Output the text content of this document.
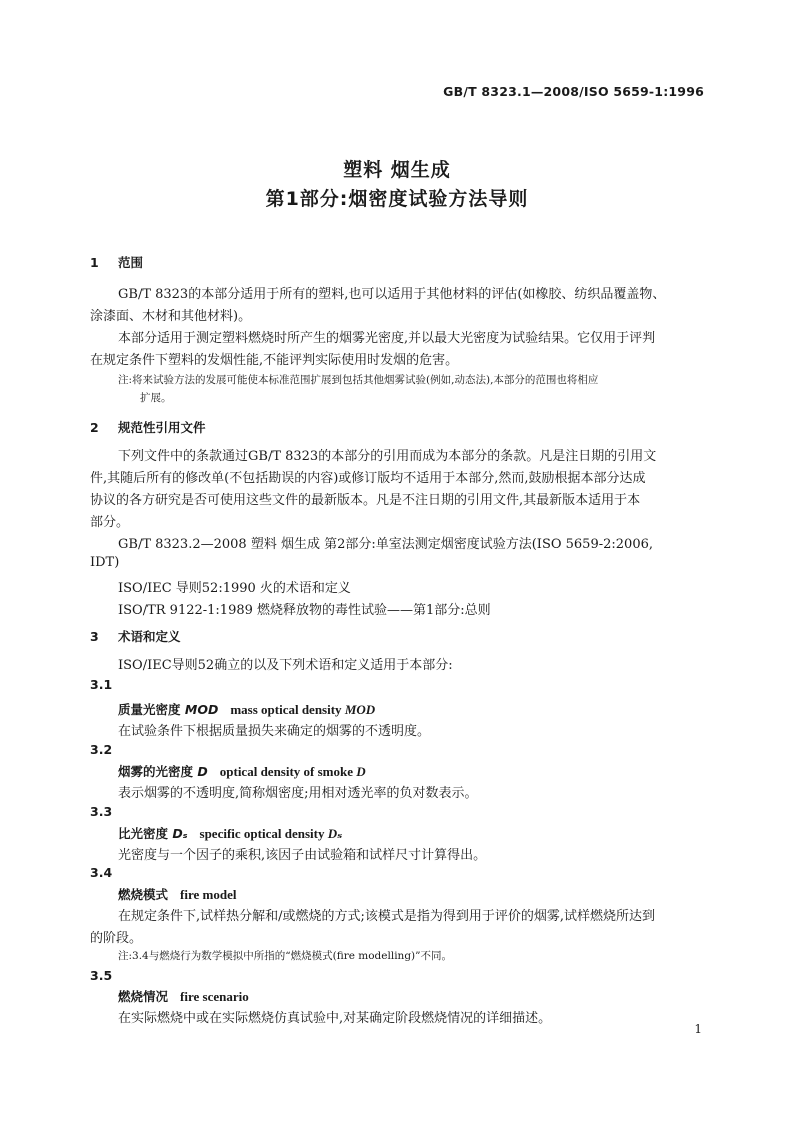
GB/T 8323.1—2008/ISO 5659-1:1996
塑料 烟生成
第1部分:烟密度试验方法导则
1 范围
GB/T 8323的本部分适用于所有的塑料,也可以适用于其他材料的评估(如橡胶、纺织品覆盖物、
涂漆面、木材和其他材料)。
本部分适用于测定塑料燃烧时所产生的烟雾光密度,并以最大光密度为试验结果。它仅用于评判
在规定条件下塑料的发烟性能,不能评判实际使用时发烟的危害。
注:将来试验方法的发展可能使本标准范围扩展到包括其他烟雾试验(例如,动态法),本部分的范围也将相应
扩展。
2 规范性引用文件
下列文件中的条款通过GB/T 8323的本部分的引用而成为本部分的条款。凡是注日期的引用文
件,其随后所有的修改单(不包括勘误的内容)或修订版均不适用于本部分,然而,鼓励根据本部分达成
协议的各方研究是否可使用这些文件的最新版本。凡是不注日期的引用文件,其最新版本适用于本
部分。
GB/T 8323.2—2008 塑料 烟生成 第2部分:单室法测定烟密度试验方法(ISO 5659-2:2006,
IDT)
ISO/IEC 导则52:1990 火的术语和定义
ISO/TR 9122-1:1989 燃烧释放物的毒性试验——第1部分:总则
3 术语和定义
ISO/IEC导则52确立的以及下列术语和定义适用于本部分:
3.1
质量光密度 MOD mass optical density MOD
在试验条件下根据质量损失来确定的烟雾的不透明度。
3.2
烟雾的光密度 D optical density of smoke D
表示烟雾的不透明度,简称烟密度;用相对透光率的负对数表示。
3.3
比光密度 Dₛ specific optical density Dₛ
光密度与一个因子的乘积,该因子由试验箱和试样尺寸计算得出。
3.4
燃烧模式 fire model
在规定条件下,试样热分解和/或燃烧的方式;该模式是指为得到用于评价的烟雾,试样燃烧所达到
的阶段。
注:3.4与燃烧行为数学模拟中所指的“燃烧模式(fire modelling)”不同。
3.5
燃烧情况 fire scenario
在实际燃烧中或在实际燃烧仿真试验中,对某确定阶段燃烧情况的详细描述。
1
